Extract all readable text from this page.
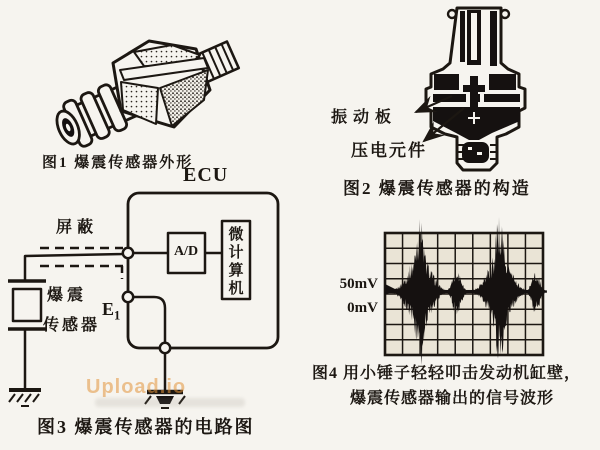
图1 爆震传感器外形
振动板
压电元件
图2 爆震传感器的构造
ECU
屏蔽
A/D	微计算机
爆震
传感器
$E_1$
Upload.io
图3 爆震传感器的电路图
50mV
0mV
图4 用小锤子轻轻叩击发动机缸壁，
爆震传感器输出的信号波形
